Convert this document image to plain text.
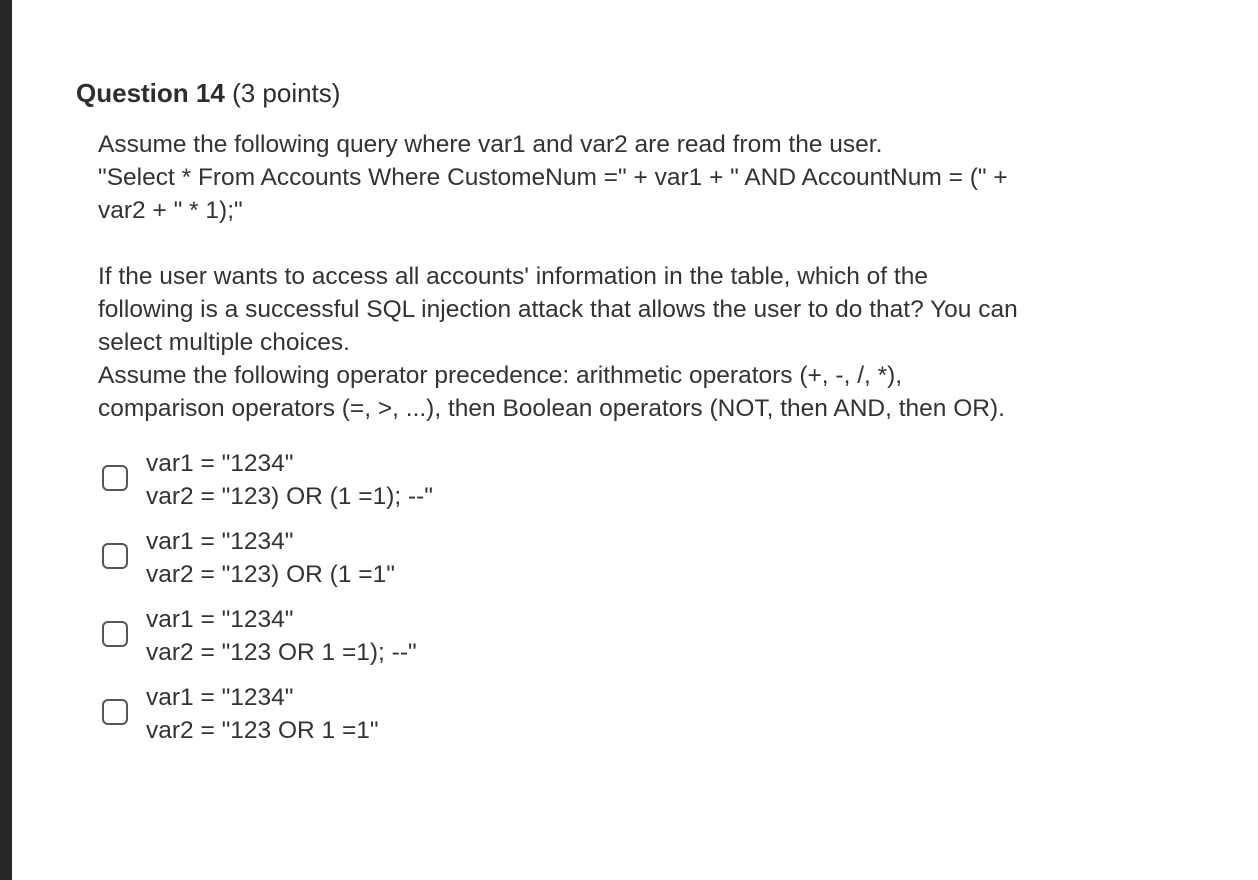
Question 14 (3 points)
Assume the following query where var1 and var2 are read from the user.
"Select * From Accounts Where CustomeNum =" + var1 + " AND AccountNum = (" +
var2 + " * 1);"
If the user wants to access all accounts' information in the table, which of the
following is a successful SQL injection attack that allows the user to do that? You can
select multiple choices.
Assume the following operator precedence: arithmetic operators (+, -, /, *),
comparison operators (=, >, ...), then Boolean operators (NOT, then AND, then OR).
var1 = "1234"
var2 = "123) OR (1 =1); --"
var1 = "1234"
var2 = "123) OR (1 =1"
var1 = "1234"
var2 = "123 OR 1 =1); --"
var1 = "1234"
var2 = "123 OR 1 =1"
